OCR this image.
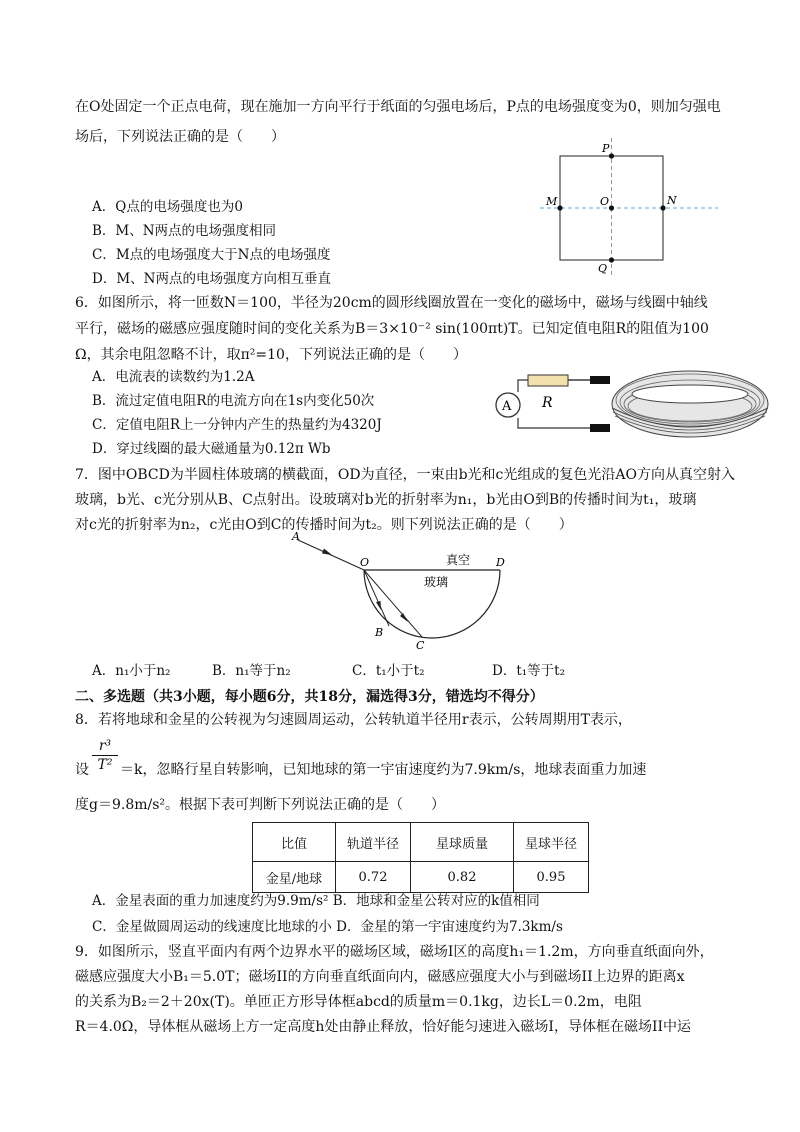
在O处固定一个正点电荷，现在施加一方向平行于纸面的匀强电场后，P点的电场强度变为0，则加匀强电
场后，下列说法正确的是（　　）
P
O
M	N
Q
A．Q点的电场强度也为0
B．M、N两点的电场强度相同
C．M点的电场强度大于N点的电场强度
D．M、N两点的电场强度方向相互垂直
6．如图所示，将一匝数N＝100，半径为20cm的圆形线圈放置在一变化的磁场中，磁场与线圈中轴线
平行，磁场的磁感应强度随时间的变化关系为B＝3×10⁻² sin(100πt)T。已知定值电阻R的阻值为100
Ω，其余电阻忽略不计，取π²=10，下列说法正确的是（　　）
A．电流表的读数约为1.2A
B．流过定值电阻R的电流方向在1s内变化50次
C．定值电阻R上一分钟内产生的热量约为4320J
D．穿过线圈的最大磁通量为0.12π Wb
A R
7．图中OBCD为半圆柱体玻璃的横截面，OD为直径，一束由b光和c光组成的复色光沿AO方向从真空射入
玻璃，b光、c光分别从B、C点射出。设玻璃对b光的折射率为n₁，b光由O到B的传播时间为t₁，玻璃
对c光的折射率为n₂，c光由O到C的传播时间为t₂。则下列说法正确的是（　　）
A
O	D
B
C
真空
玻璃
A．n₁小于n₂	B．n₁等于n₂	C．t₁小于t₂	D．t₁等于t₂
二、多选题（共3小题，每小题6分，共18分，漏选得3分，错选均不得分）
8．若将地球和金星的公转视为匀速圆周运动，公转轨道半径用r表示，公转周期用T表示，
设 $\frac{\text{r³}}{\text{T²}} =k$，忽略行星自转影响，已知地球的第一宇宙速度约为7.9km/s，地球表面重力加速
度g＝9.8m/s²。根据下表可判断下列说法正确的是（　　）
比值	轨道半径	星球质量	星球半径
金星/地球	0.72	0.82	0.95
A．金星表面的重力加速度约为9.9m/s² B．地球和金星公转对应的k值相同
C．金星做圆周运动的线速度比地球的小 D．金星的第一宇宙速度约为7.3km/s
9．如图所示，竖直平面内有两个边界水平的磁场区域，磁场Ⅰ区的高度h₁＝1.2m，方向垂直纸面向外，
磁感应强度大小B₁＝5.0T；磁场II的方向垂直纸面向内，磁感应强度大小与到磁场II上边界的距离x
的关系为B₂＝2＋20x(T)。单匝正方形导体框abcd的质量m＝0.1kg，边长L＝0.2m，电阻
R＝4.0Ω，导体框从磁场上方一定高度h处由静止释放，恰好能匀速进入磁场I，导体框在磁场II中运
